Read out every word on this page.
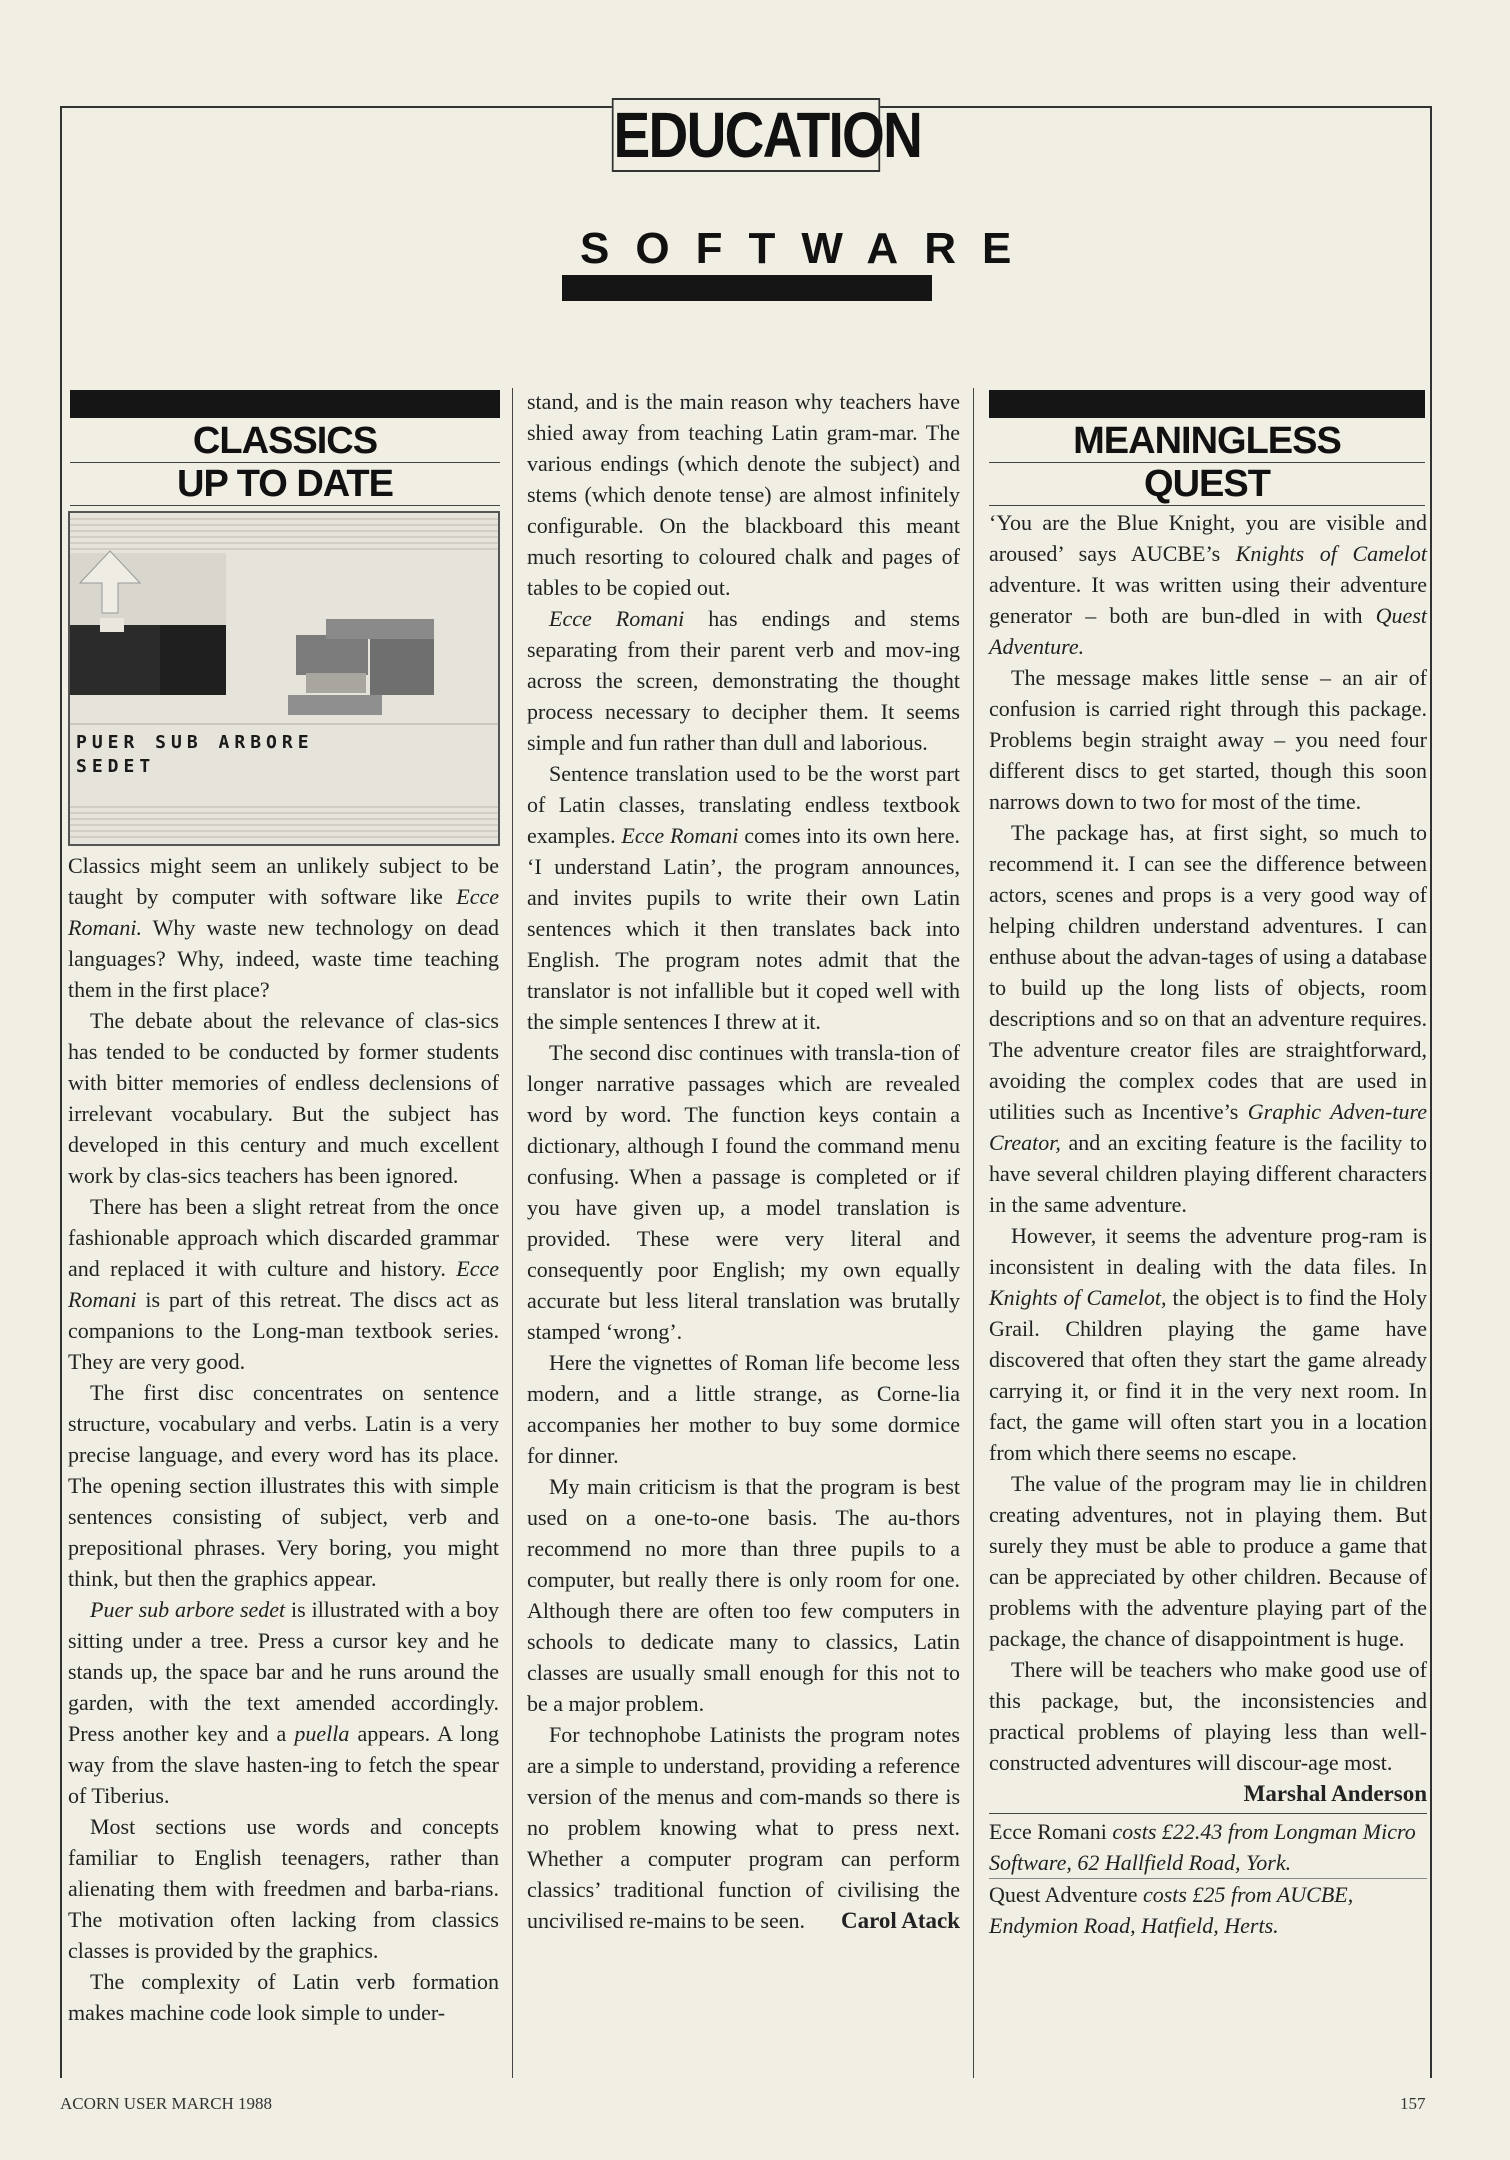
EDUCATION
SOFTWARE
CLASSICS
UP TO DATE
PUER SUB ARBORE
SEDET

Classics might seem an unlikely subject to be taught by computer with software like Ecce Romani. Why waste new technology on dead languages? Why, indeed, waste time teaching them in the first place?

The debate about the relevance of clas-sics has tended to be conducted by former students with bitter memories of endless declensions of irrelevant vocabulary. But the subject has developed in this century and much excellent work by clas-sics teachers has been ignored.

There has been a slight retreat from the once fashionable approach which discarded grammar and replaced it with culture and history. Ecce Romani is part of this retreat. The discs act as companions to the Long-man textbook series. They are very good.

The first disc concentrates on sentence structure, vocabulary and verbs. Latin is a very precise language, and every word has its place. The opening section illustrates this with simple sentences consisting of subject, verb and prepositional phrases. Very boring, you might think, but then the graphics appear.

Puer sub arbore sedet is illustrated with a boy sitting under a tree. Press a cursor key and he stands up, the space bar and he runs around the garden, with the text amended accordingly. Press another key and a puella appears. A long way from the slave hasten-ing to fetch the spear of Tiberius.

Most sections use words and concepts familiar to English teenagers, rather than alienating them with freedmen and barba-rians. The motivation often lacking from classics classes is provided by the graphics.

The complexity of Latin verb formation makes machine code look simple to under-

stand, and is the main reason why teachers have shied away from teaching Latin gram-mar. The various endings (which denote the subject) and stems (which denote tense) are almost infinitely configurable. On the blackboard this meant much resorting to coloured chalk and pages of tables to be copied out.

Ecce Romani has endings and stems separating from their parent verb and mov-ing across the screen, demonstrating the thought process necessary to decipher them. It seems simple and fun rather than dull and laborious.

Sentence translation used to be the worst part of Latin classes, translating endless textbook examples. Ecce Romani comes into its own here. ‘I understand Latin’, the program announces, and invites pupils to write their own Latin sentences which it then translates back into English. The program notes admit that the translator is not infallible but it coped well with the simple sentences I threw at it.

The second disc continues with transla-tion of longer narrative passages which are revealed word by word. The function keys contain a dictionary, although I found the command menu confusing. When a passage is completed or if you have given up, a model translation is provided. These were very literal and consequently poor English; my own equally accurate but less literal translation was brutally stamped ‘wrong’.

Here the vignettes of Roman life become less modern, and a little strange, as Corne-lia accompanies her mother to buy some dormice for dinner.

My main criticism is that the program is best used on a one-to-one basis. The au-thors recommend no more than three pupils to a computer, but really there is only room for one. Although there are often too few computers in schools to dedicate many to classics, Latin classes are usually small enough for this not to be a major problem.

For technophobe Latinists the program notes are a simple to understand, providing a reference version of the menus and com-mands so there is no problem knowing what to press next. Whether a computer program can perform classics’ traditional function of civilising the uncivilised re-mains to be seen.	Carol Atack

MEANINGLESS
QUEST

‘You are the Blue Knight, you are visible and aroused’ says AUCBE’s Knights of Camelot adventure. It was written using their adventure generator – both are bun-dled in with Quest Adventure.

The message makes little sense – an air of confusion is carried right through this package. Problems begin straight away – you need four different discs to get started, though this soon narrows down to two for most of the time.

The package has, at first sight, so much to recommend it. I can see the difference between actors, scenes and props is a very good way of helping children understand adventures. I can enthuse about the advan-tages of using a database to build up the long lists of objects, room descriptions and so on that an adventure requires. The adventure creator files are straightforward, avoiding the complex codes that are used in utilities such as Incentive’s Graphic Adven-ture Creator, and an exciting feature is the facility to have several children playing different characters in the same adventure.

However, it seems the adventure prog-ram is inconsistent in dealing with the data files. In Knights of Camelot, the object is to find the Holy Grail. Children playing the game have discovered that often they start the game already carrying it, or find it in the very next room. In fact, the game will often start you in a location from which there seems no escape.

The value of the program may lie in children creating adventures, not in playing them. But surely they must be able to produce a game that can be appreciated by other children. Because of problems with the adventure playing part of the package, the chance of disappointment is huge.

There will be teachers who make good use of this package, but, the inconsistencies and practical problems of playing less than well-constructed adventures will discour-age most.

Marshal Anderson

Ecce Romani costs £22.43 from Longman Micro Software, 62 Hallfield Road, York.

Quest Adventure costs £25 from AUCBE, Endymion Road, Hatfield, Herts.

ACORN USER MARCH 1988	157
